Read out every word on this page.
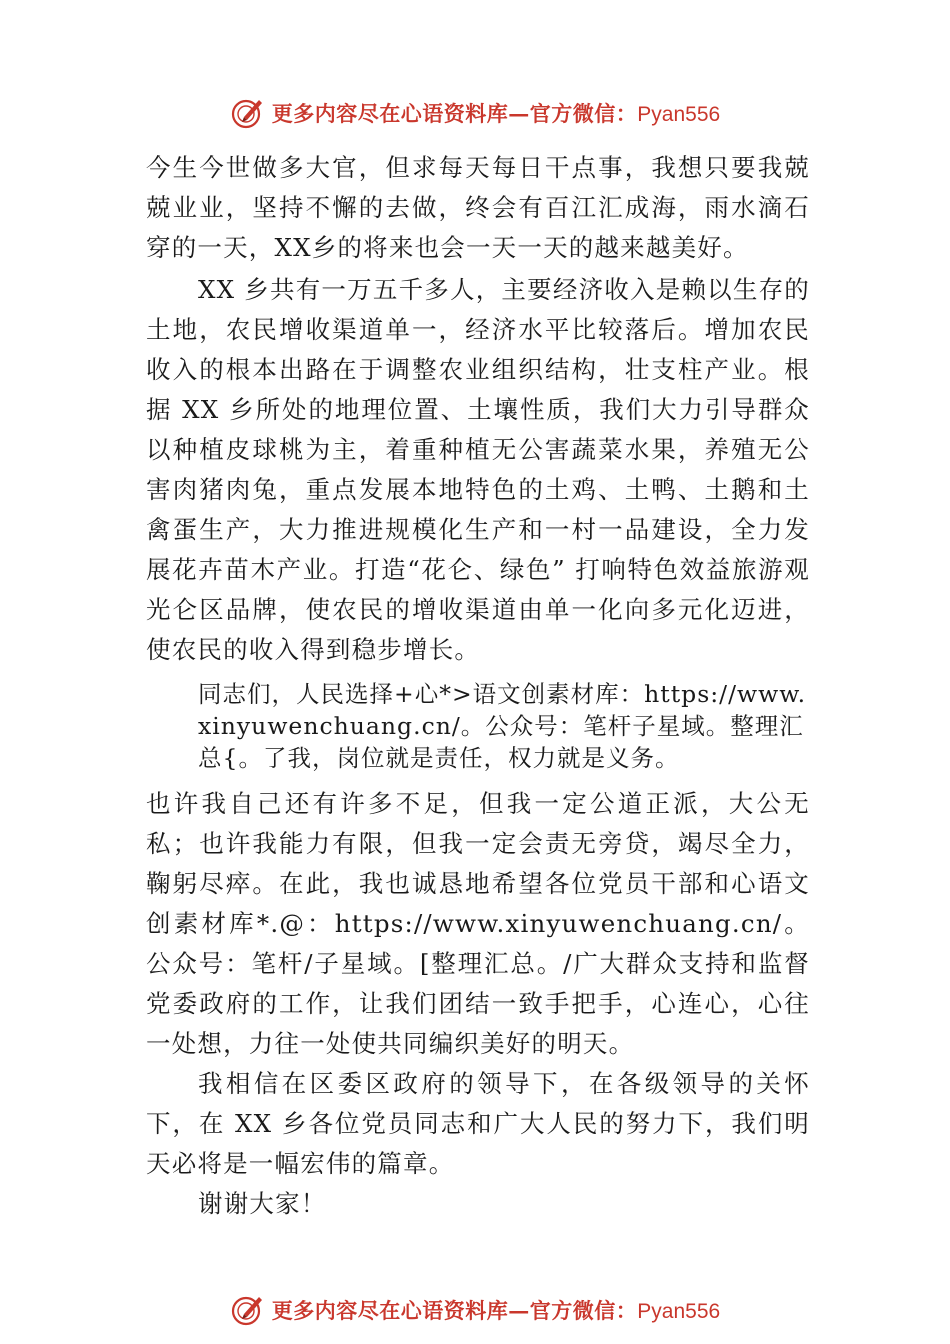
更多内容尽在心语资料库—官方微信：Pyan556

今生今世做多大官，但求每天每日干点事，我想只要我兢兢业业，坚持不懈的去做，终会有百江汇成海，雨水滴石穿的一天，XX乡的将来也会一天一天的越来越美好。

XX 乡共有一万五千多人，主要经济收入是赖以生存的土地，农民增收渠道单一，经济水平比较落后。增加农民收入的根本出路在于调整农业组织结构，壮支柱产业。根据 XX 乡所处的地理位置、土壤性质，我们大力引导群众以种植皮球桃为主，着重种植无公害蔬菜水果，养殖无公害肉猪肉兔，重点发展本地特色的土鸡、土鸭、土鹅和土禽蛋生产，大力推进规模化生产和一村一品建设，全力发展花卉苗木产业。打造“花仑、绿色” 打响特色效益旅游观光仑区品牌，使农民的增收渠道由单一化向多元化迈进，使农民的收入得到稳步增长。

同志们，人民选择+心*>语文创素材库：https://www.xinyuwenchuang.cn/。公众号：笔杆子星域。整理汇总{。了我，岗位就是责任，权力就是义务。

也许我自己还有许多不足，但我一定公道正派，大公无私；也许我能力有限，但我一定会责无旁贷，竭尽全力，鞠躬尽瘁。在此，我也诚恳地希望各位党员干部和心语文创素材库*.@：https://www.xinyuwenchuang.cn/。公众号：笔杆/子星域。[整理汇总。/广大群众支持和监督党委政府的工作，让我们团结一致手把手，心连心，心往一处想，力往一处使共同编织美好的明天。

我相信在区委区政府的领导下，在各级领导的关怀下，在 XX 乡各位党员同志和广大人民的努力下，我们明天必将是一幅宏伟的篇章。

谢谢大家！

更多内容尽在心语资料库—官方微信：Pyan556
